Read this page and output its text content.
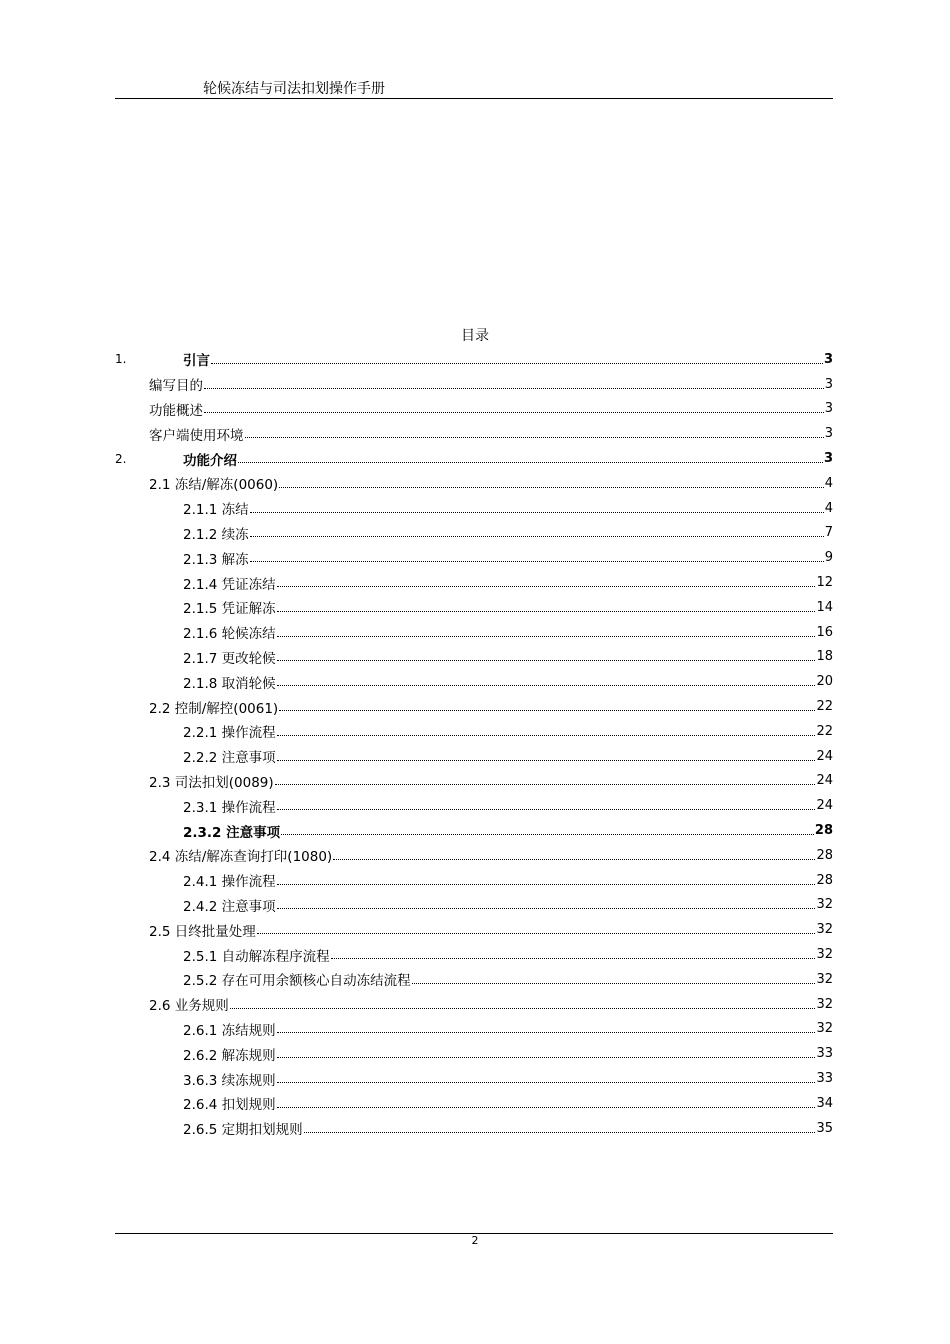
轮候冻结与司法扣划操作手册
目录
1.	引言	3
编写目的	3
功能概述	3
客户端使用环境	3
2.	功能介绍	3
2.1 冻结/解冻(0060)	4
2.1.1 冻结	4
2.1.2 续冻	7
2.1.3 解冻	9
2.1.4 凭证冻结	12
2.1.5 凭证解冻	14
2.1.6 轮候冻结	16
2.1.7 更改轮候	18
2.1.8 取消轮候	20
2.2 控制/解控(0061)	22
2.2.1 操作流程	22
2.2.2 注意事项	24
2.3 司法扣划(0089)	24
2.3.1 操作流程	24
2.3.2 注意事项	28
2.4 冻结/解冻查询打印(1080)	28
2.4.1 操作流程	28
2.4.2 注意事项	32
2.5 日终批量处理	32
2.5.1 自动解冻程序流程	32
2.5.2 存在可用余额核心自动冻结流程	32
2.6 业务规则	32
2.6.1 冻结规则	32
2.6.2 解冻规则	33
3.6.3 续冻规则	33
2.6.4 扣划规则	34
2.6.5 定期扣划规则	35
2
